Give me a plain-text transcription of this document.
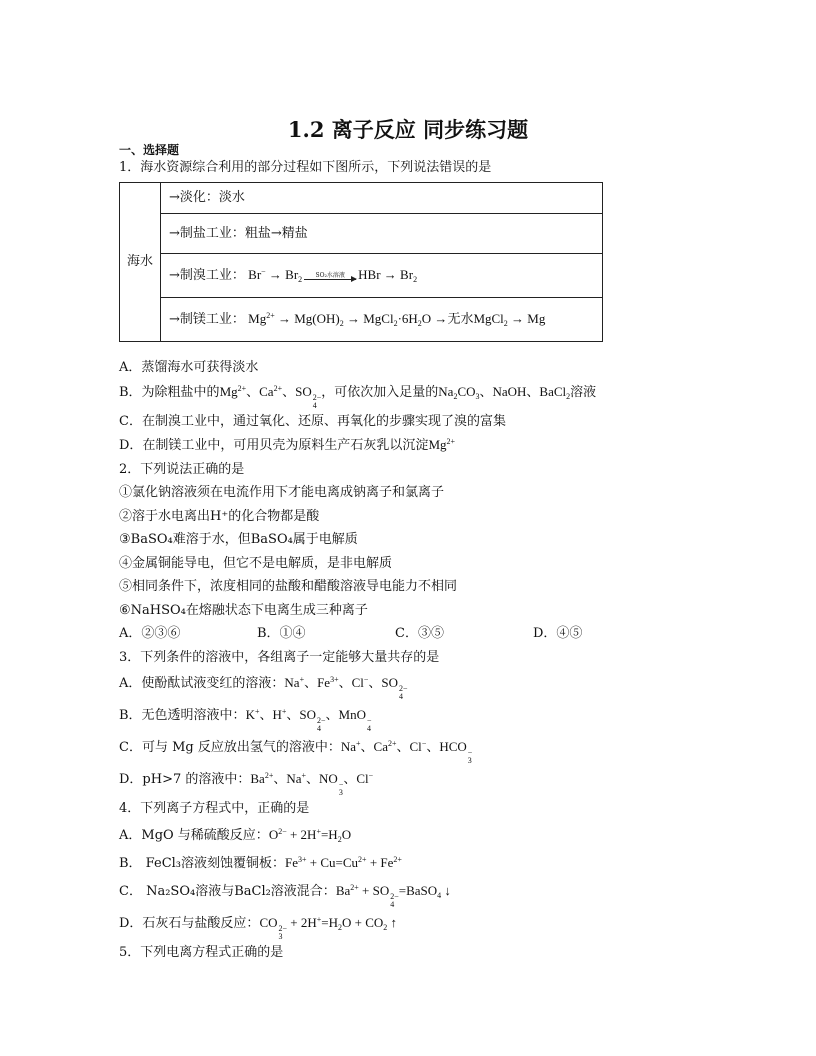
1.2 离子反应 同步练习题
一、选择题
1．海水资源综合利用的部分过程如下图所示，下列说法错误的是
海水	→淡化：淡水
→制盐工业：粗盐→精盐
→制溴工业： $Br^- \to Br_2$ SO₂水溶液 HBr → $Br_2$
→制镁工业： $Mg^{2+} \to Mg(OH)_2$ → $MgCl_2\cdot 6H_2O$ →无水MgCl$_2$ → Mg
A．蒸馏海水可获得淡水
B．为除粗盐中的$Mg^{2+}$、$Ca^{2+}$、SO 2−
4
，可依次加入足量的$Na_2CO_3$、NaOH、BaCl$_2$溶液
C．在制溴工业中，通过氧化、还原、再氧化的步骤实现了溴的富集
D．在制镁工业中，可用贝壳为原料生产石灰乳以沉淀$Mg^{2+}$
2．下列说法正确的是
①氯化钠溶液须在电流作用下才能电离成钠离子和氯离子
②溶于水电离出H⁺的化合物都是酸
③BaSO₄难溶于水，但BaSO₄属于电解质
④金属铜能导电，但它不是电解质，是非电解质
⑤相同条件下，浓度相同的盐酸和醋酸溶液导电能力不相同
⑥NaHSO₄在熔融状态下电离生成三种离子
A．②③⑥	B．①④	C．③⑤	D．④⑤
3．下列条件的溶液中，各组离子一定能够大量共存的是
A．使酚酞试液变红的溶液：Na+、$Fe^{3+}$、Cl−、SO 2−
4
B．无色透明溶液中：K+、H+、SO 2−
4
、MnO −
4
C．可与 Mg 反应放出氢气的溶液中：Na+、$Ca^{2+}$、Cl−、HCO −
3
D．pH>7 的溶液中：$Ba^{2+}$、Na+、NO −
3
、Cl−
4．下列离子方程式中，正确的是
A．MgO 与稀硫酸反应：$O^{2-} + 2H^+=H_2O$
B． FeCl₃溶液刻蚀覆铜板：$Fe^{3+} + Cu=Cu^{2+} + Fe^{2+}$
C． Na₂SO₄溶液与BaCl₂溶液混合：$Ba^{2+}$ + SO 2−
4
=BaSO$_4$ ↓
D．石灰石与盐酸反应：CO 2−
3
+ $2H^+=H_2O + CO_2$ ↑
5．下列电离方程式正确的是
